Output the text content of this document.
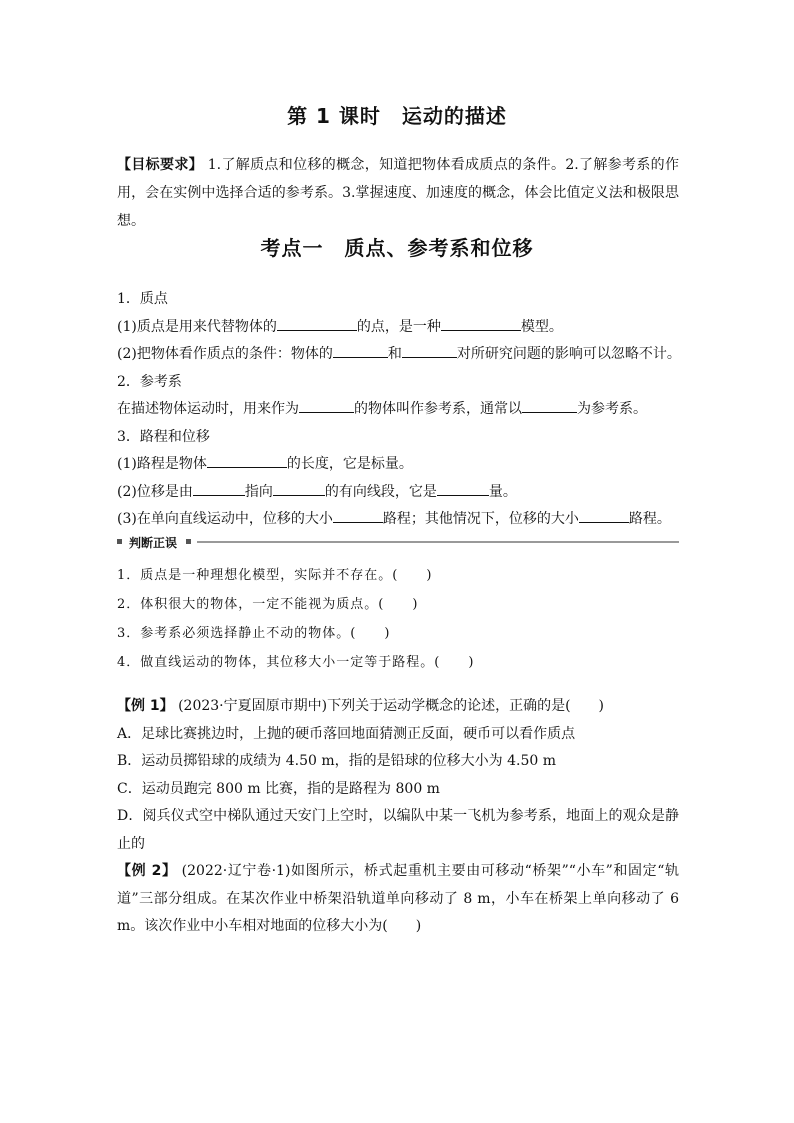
第 1 课时　运动的描述
【目标要求】 1.了解质点和位移的概念，知道把物体看成质点的条件。2.了解参考系的作用，会在实例中选择合适的参考系。3.掌握速度、加速度的概念，体会比值定义法和极限思想。
考点一　质点、参考系和位移
1．质点
(1)质点是用来代替物体的	的点，是一种	模型。
(2)把物体看作质点的条件：物体的	和	对所研究问题的影响可以忽略不计。
2．参考系
在描述物体运动时，用来作为	的物体叫作参考系，通常以	为参考系。
3．路程和位移
(1)路程是物体	的长度，它是标量。
(2)位移是由	指向	的有向线段，它是	量。
(3)在单向直线运动中，位移的大小	路程；其他情况下，位移的大小	路程。
判断正误
1．质点是一种理想化模型，实际并不存在。(　　)
2．体积很大的物体，一定不能视为质点。(　　)
3．参考系必须选择静止不动的物体。(　　)
4．做直线运动的物体，其位移大小一定等于路程。(　　)
【例 1】 (2023·宁夏固原市期中)下列关于运动学概念的论述，正确的是(　　)
A．足球比赛挑边时，上抛的硬币落回地面猜测正反面，硬币可以看作质点
B．运动员掷铅球的成绩为 4.50 m，指的是铅球的位移大小为 4.50 m
C．运动员跑完 800 m 比赛，指的是路程为 800 m
D．阅兵仪式空中梯队通过天安门上空时，以编队中某一飞机为参考系，地面上的观众是静止的
【例 2】 (2022·辽宁卷·1)如图所示，桥式起重机主要由可移动“桥架”“小车”和固定“轨道”三部分组成。在某次作业中桥架沿轨道单向移动了 8 m，小车在桥架上单向移动了 6 m。该次作业中小车相对地面的位移大小为(　　)
